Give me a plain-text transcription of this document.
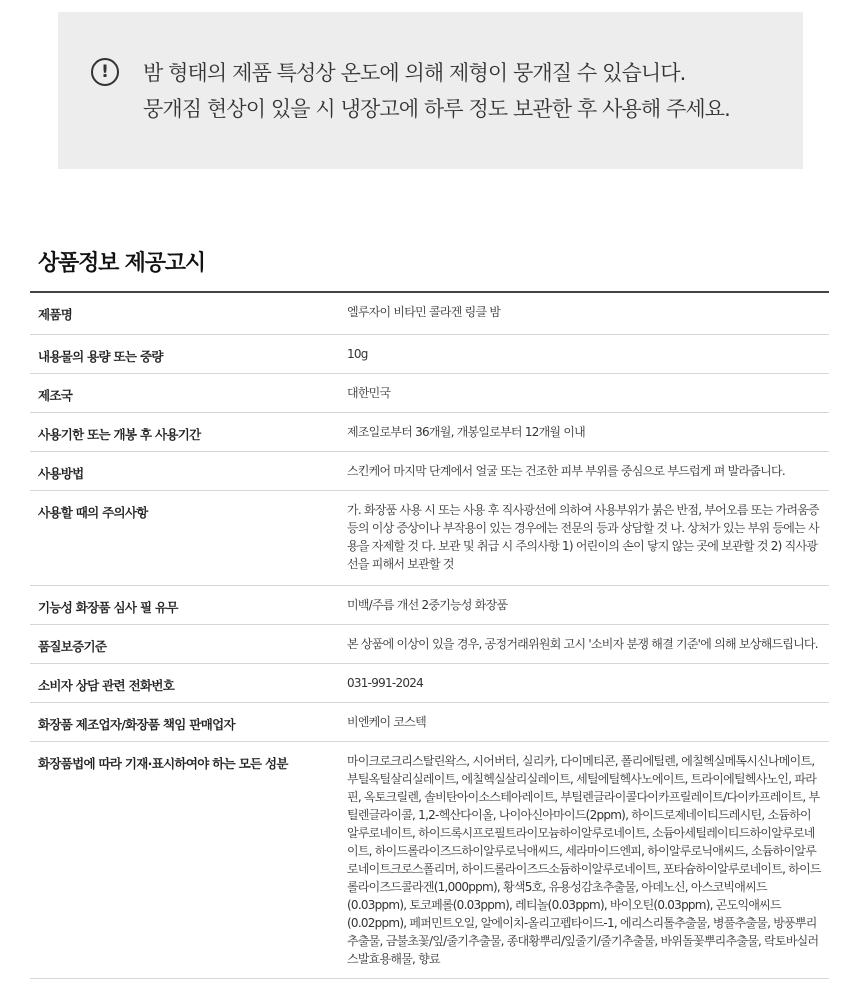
!	밤 형태의 제품 특성상 온도에 의해 제형이 뭉개질 수 있습니다.
뭉개짐 현상이 있을 시 냉장고에 하루 정도 보관한 후 사용해 주세요.
상품정보 제공고시
제품명	엘루자이 비타민 콜라겐 링클 밤
내용물의 용량 또는 중량	10g
제조국	대한민국
사용기한 또는 개봉 후 사용기간	제조일로부터 36개월, 개봉일로부터 12개월 이내
사용방법	스킨케어 마지막 단계에서 얼굴 또는 건조한 피부 부위를 중심으로 부드럽게 펴 발라줍니다.
사용할 때의 주의사항	가. 화장품 사용 시 또는 사용 후 직사광선에 의하여 사용부위가 붉은 반점, 부어오름 또는 가려움증 등의 이상 증상이나 부작용이 있는 경우에는 전문의 등과 상담할 것 나. 상처가 있는 부위 등에는 사용을 자제할 것 다. 보관 및 취급 시 주의사항 1) 어린이의 손이 닿지 않는 곳에 보관할 것 2) 직사광선을 피해서 보관할 것
기능성 화장품 심사 필 유무	미백/주름 개선 2중기능성 화장품
품질보증기준	본 상품에 이상이 있을 경우, 공정거래위원회 고시 '소비자 분쟁 해결 기준'에 의해 보상해드립니다.
소비자 상담 관련 전화번호	031-991-2024
화장품 제조업자/화장품 책임 판매업자	비엔케이 코스텍
화장품법에 따라 기재·표시하여야 하는 모든 성분	마이크로크리스탈린왁스, 시어버터, 실리카, 다이메티콘, 폴리에틸렌, 에칠헥실메톡시신나메이트, 부틸옥틸살리실레이트, 에칠헥실살리실레이트, 세틸에틸헥사노에이트, 트라이에틸헥사노인, 파라핀, 옥토크릴렌, 솔비탄아이소스테아레이트, 부틸렌글라이콜다이카프릴레이트/다이카프레이트, 부틸렌글라이콜, 1,2-헥산다이올, 나이아신아마이드(2ppm), 하이드로제네이티드레시틴, 소듐하이알루로네이트, 하이드록시프로필트라이모늄하이알루로네이트, 소듐아세틸레이티드하이알루로네이트, 하이드롤라이즈드하이알루로닉애씨드, 세라마이드엔피, 하이알루로닉애씨드, 소듐하이알루로네이트크로스폴리머, 하이드롤라이즈드소듐하이알루로네이트, 포타슘하이알루로네이트, 하이드롤라이즈드콜라겐(1,000ppm), 황색5호, 유용성감초추출물, 아데노신, 아스코빅애씨드(0.03ppm), 토코페롤(0.03ppm), 레티놀(0.03ppm), 바이오틴(0.03ppm), 곤도익애씨드(0.02ppm), 페퍼민트오일, 알에이치-올리고펩타이드-1, 에리스리톨추출물, 병풀추출물, 방풍뿌리추출물, 금불초꽃/잎/줄기추출물, 종대황뿌리/잎줄기/줄기추출물, 바위돌꽃뿌리추출물, 락토바실러스발효용해물, 향료
